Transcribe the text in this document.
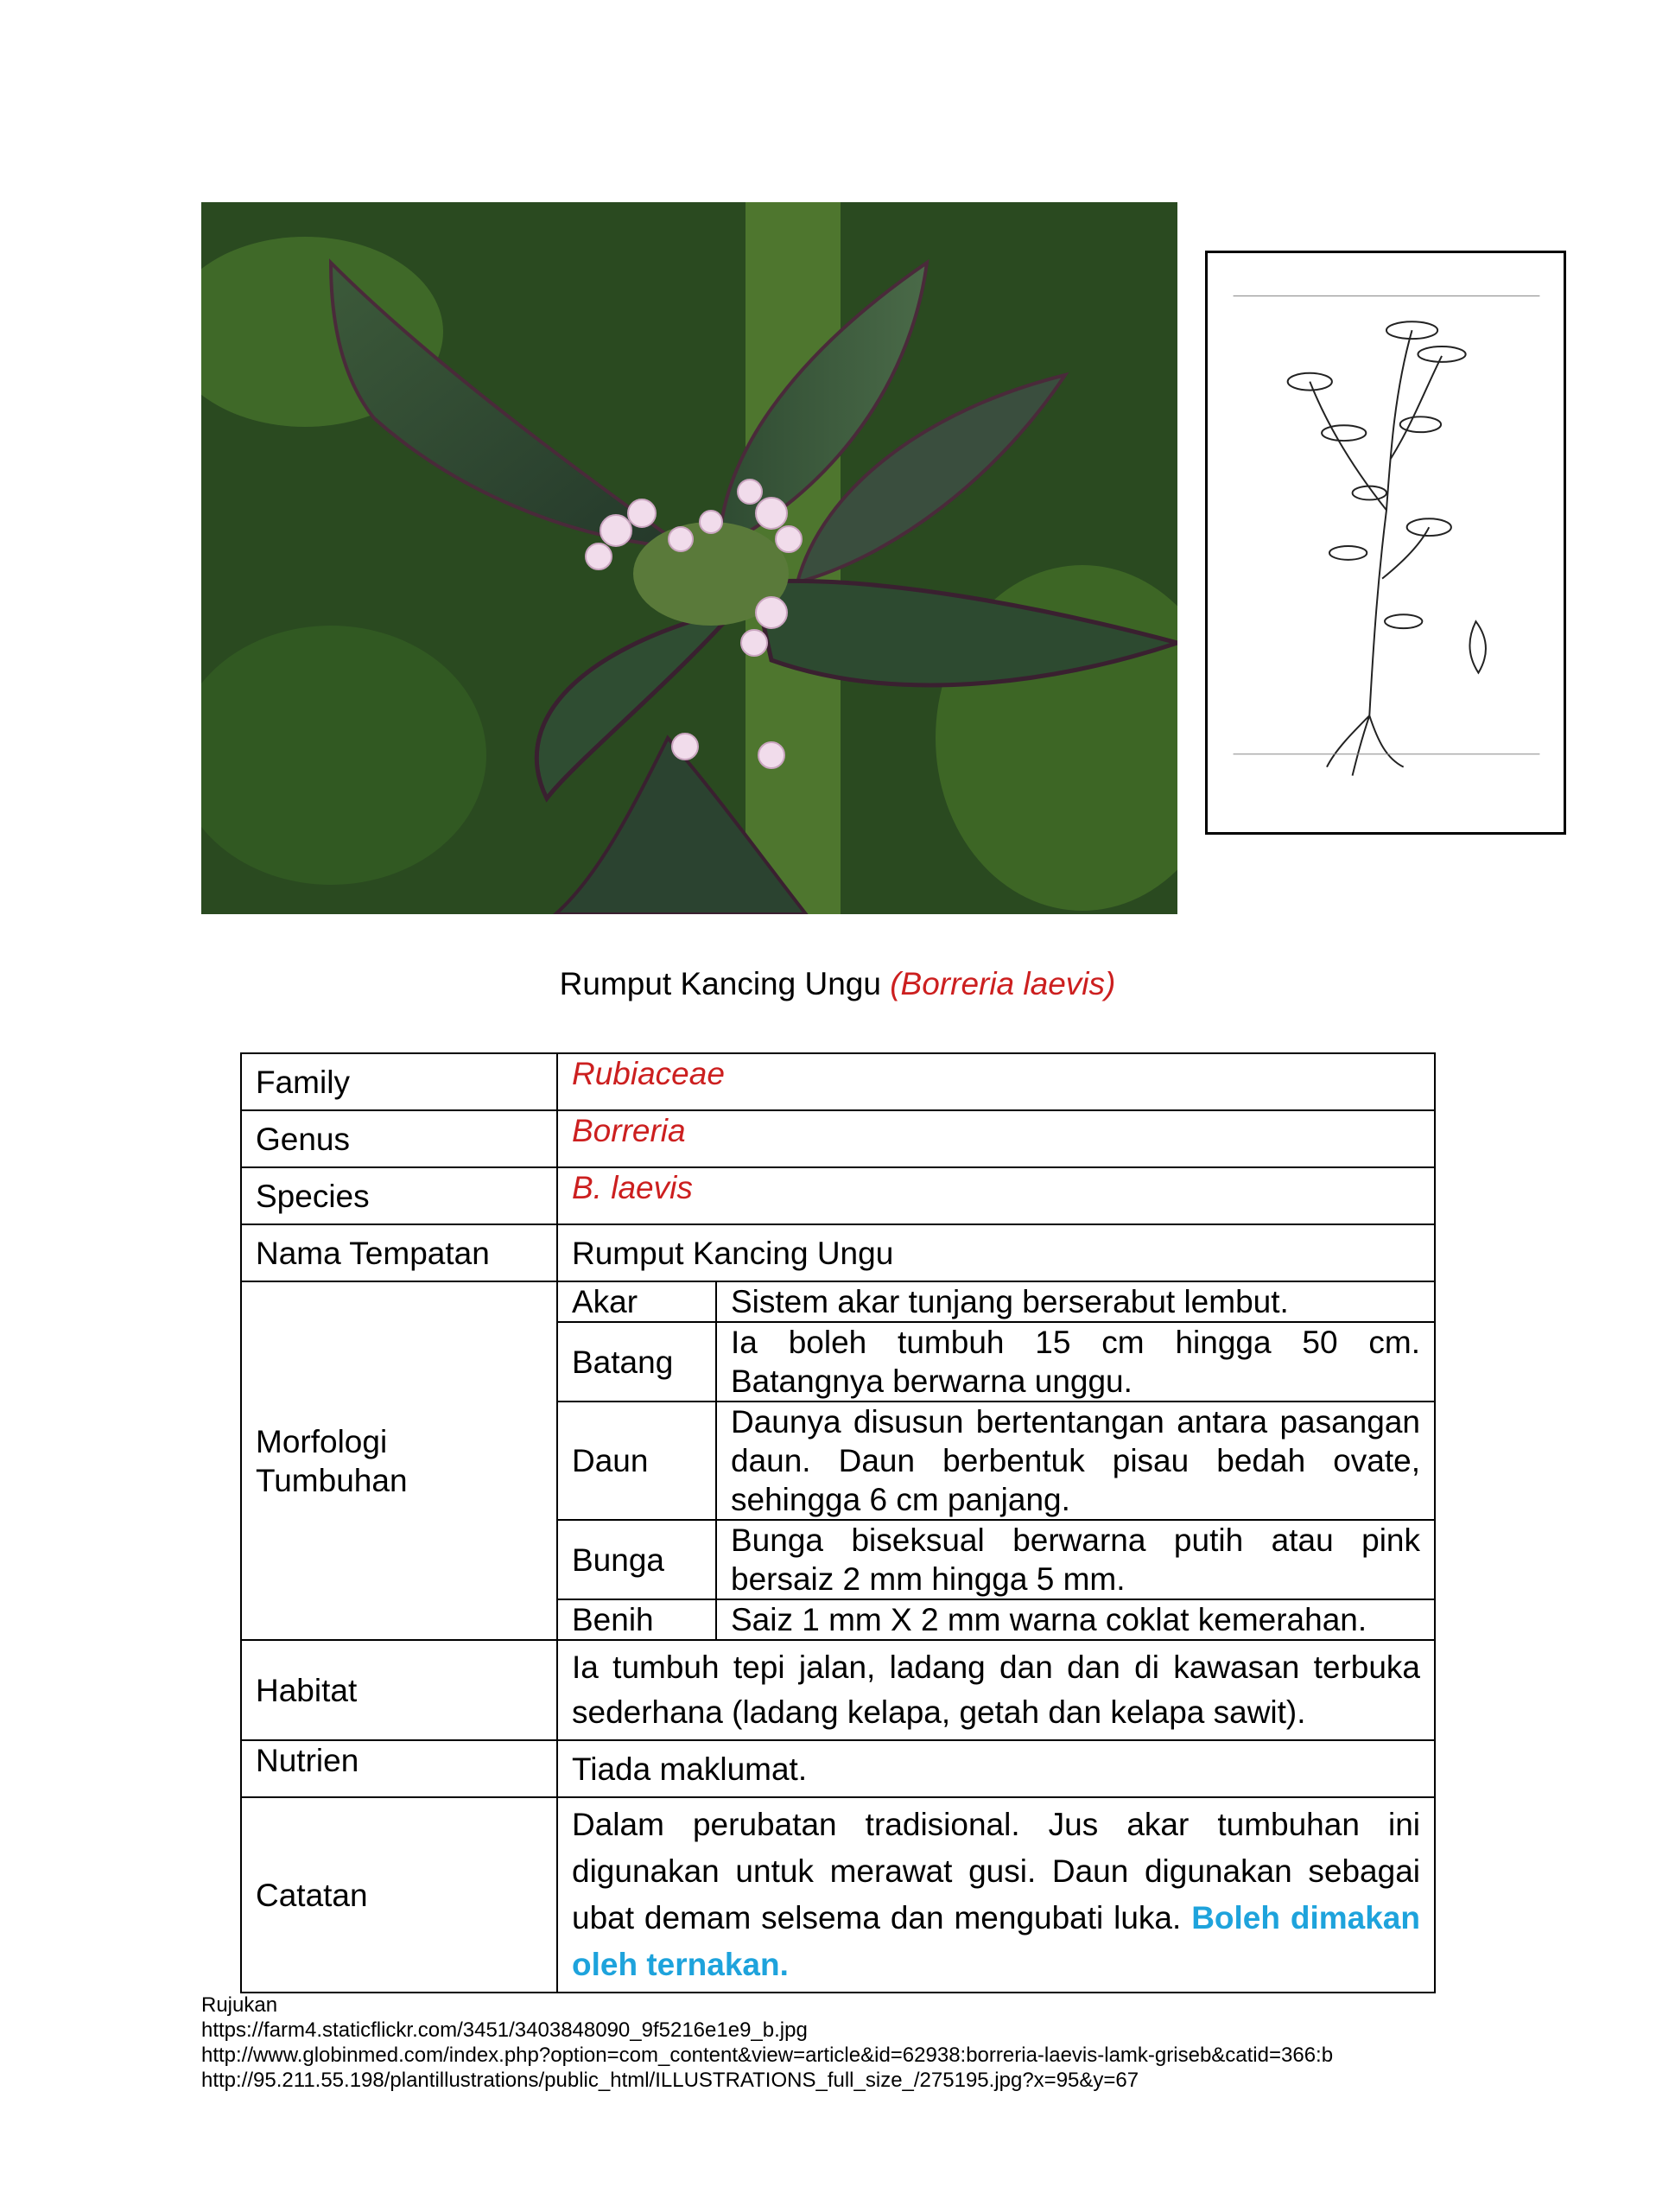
Rumput Kancing Ungu (Borreria laevis)
Family	Rubiaceae	
Genus	Borreria	
Species	B. laevis	
Nama Tempatan	Rumput Kancing Ungu	
Morfologi
Tumbuhan	Akar	Sistem akar tunjang berserabut lembut.
	Batang	Ia boleh tumbuh 15 cm hingga 50 cm. Batangnya berwarna unggu.
	Daun	Daunya disusun bertentangan antara pasangan daun. Daun berbentuk pisau bedah ovate, sehingga 6 cm panjang.
	Bunga	Bunga biseksual berwarna putih atau pink bersaiz 2 mm hingga 5 mm.
	Benih	Saiz 1 mm X 2 mm warna coklat kemerahan.
Habitat	Ia tumbuh tepi jalan, ladang dan dan di kawasan terbuka sederhana (ladang kelapa, getah dan kelapa sawit).	
Nutrien	Tiada maklumat.	
Catatan	Dalam perubatan tradisional. Jus akar tumbuhan ini digunakan untuk merawat gusi. Daun digunakan sebagai ubat demam selsema dan mengubati luka. Boleh dimakan oleh ternakan.	
Rujukan
https://farm4.staticflickr.com/3451/3403848090_9f5216e1e9_b.jpg
http://www.globinmed.com/index.php?option=com_content&view=article&id=62938:borreria-laevis-lamk-griseb&catid=366:b
http://95.211.55.198/plantillustrations/public_html/ILLUSTRATIONS_full_size_/275195.jpg?x=95&y=67
